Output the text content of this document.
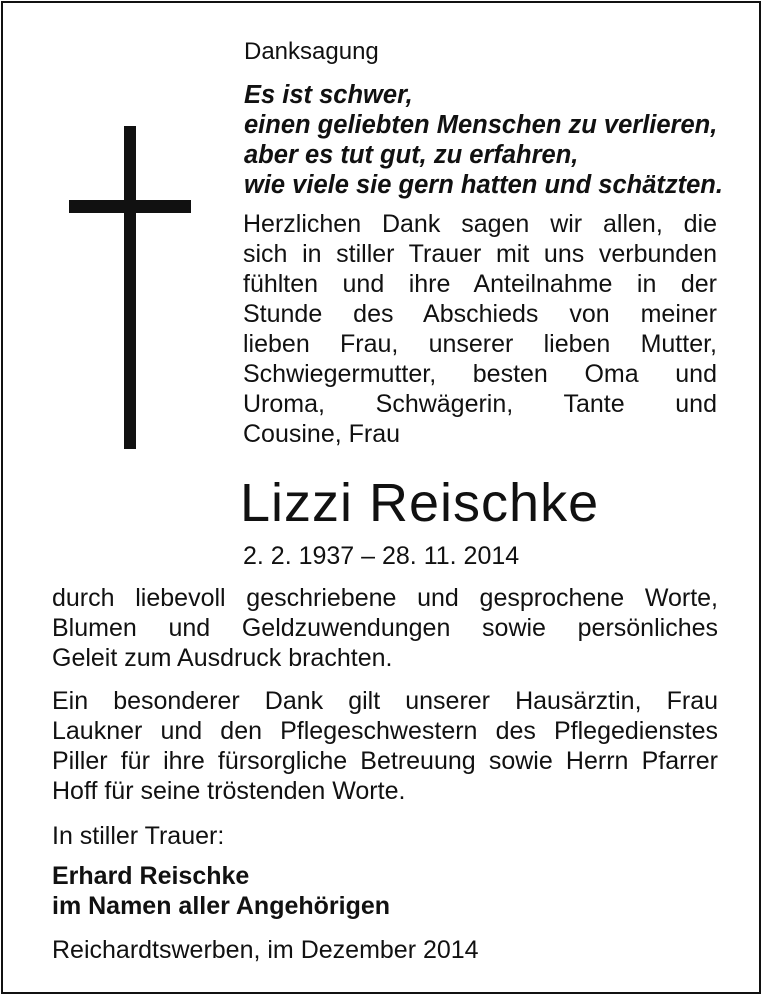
Danksagung
Es ist schwer,
einen geliebten Menschen zu verlieren,
aber es tut gut, zu erfahren,
wie viele sie gern hatten und schätzten.
Herzlichen Dank sagen wir allen, die
sich in stiller Trauer mit uns verbunden
fühlten und ihre Anteilnahme in der
Stunde des Abschieds von meiner
lieben Frau, unserer lieben Mutter,
Schwiegermutter, besten Oma und
Uroma, Schwägerin, Tante und
Cousine, Frau
Lizzi Reischke
2. 2. 1937 – 28. 11. 2014
durch liebevoll geschriebene und gesprochene Worte,
Blumen und Geldzuwendungen sowie persönliches
Geleit zum Ausdruck brachten.
Ein besonderer Dank gilt unserer Hausärztin, Frau
Laukner und den Pflegeschwestern des Pflegedienstes
Piller für ihre fürsorgliche Betreuung sowie Herrn Pfarrer
Hoff für seine tröstenden Worte.
In stiller Trauer:
Erhard Reischke
im Namen aller Angehörigen
Reichardtswerben, im Dezember 2014
